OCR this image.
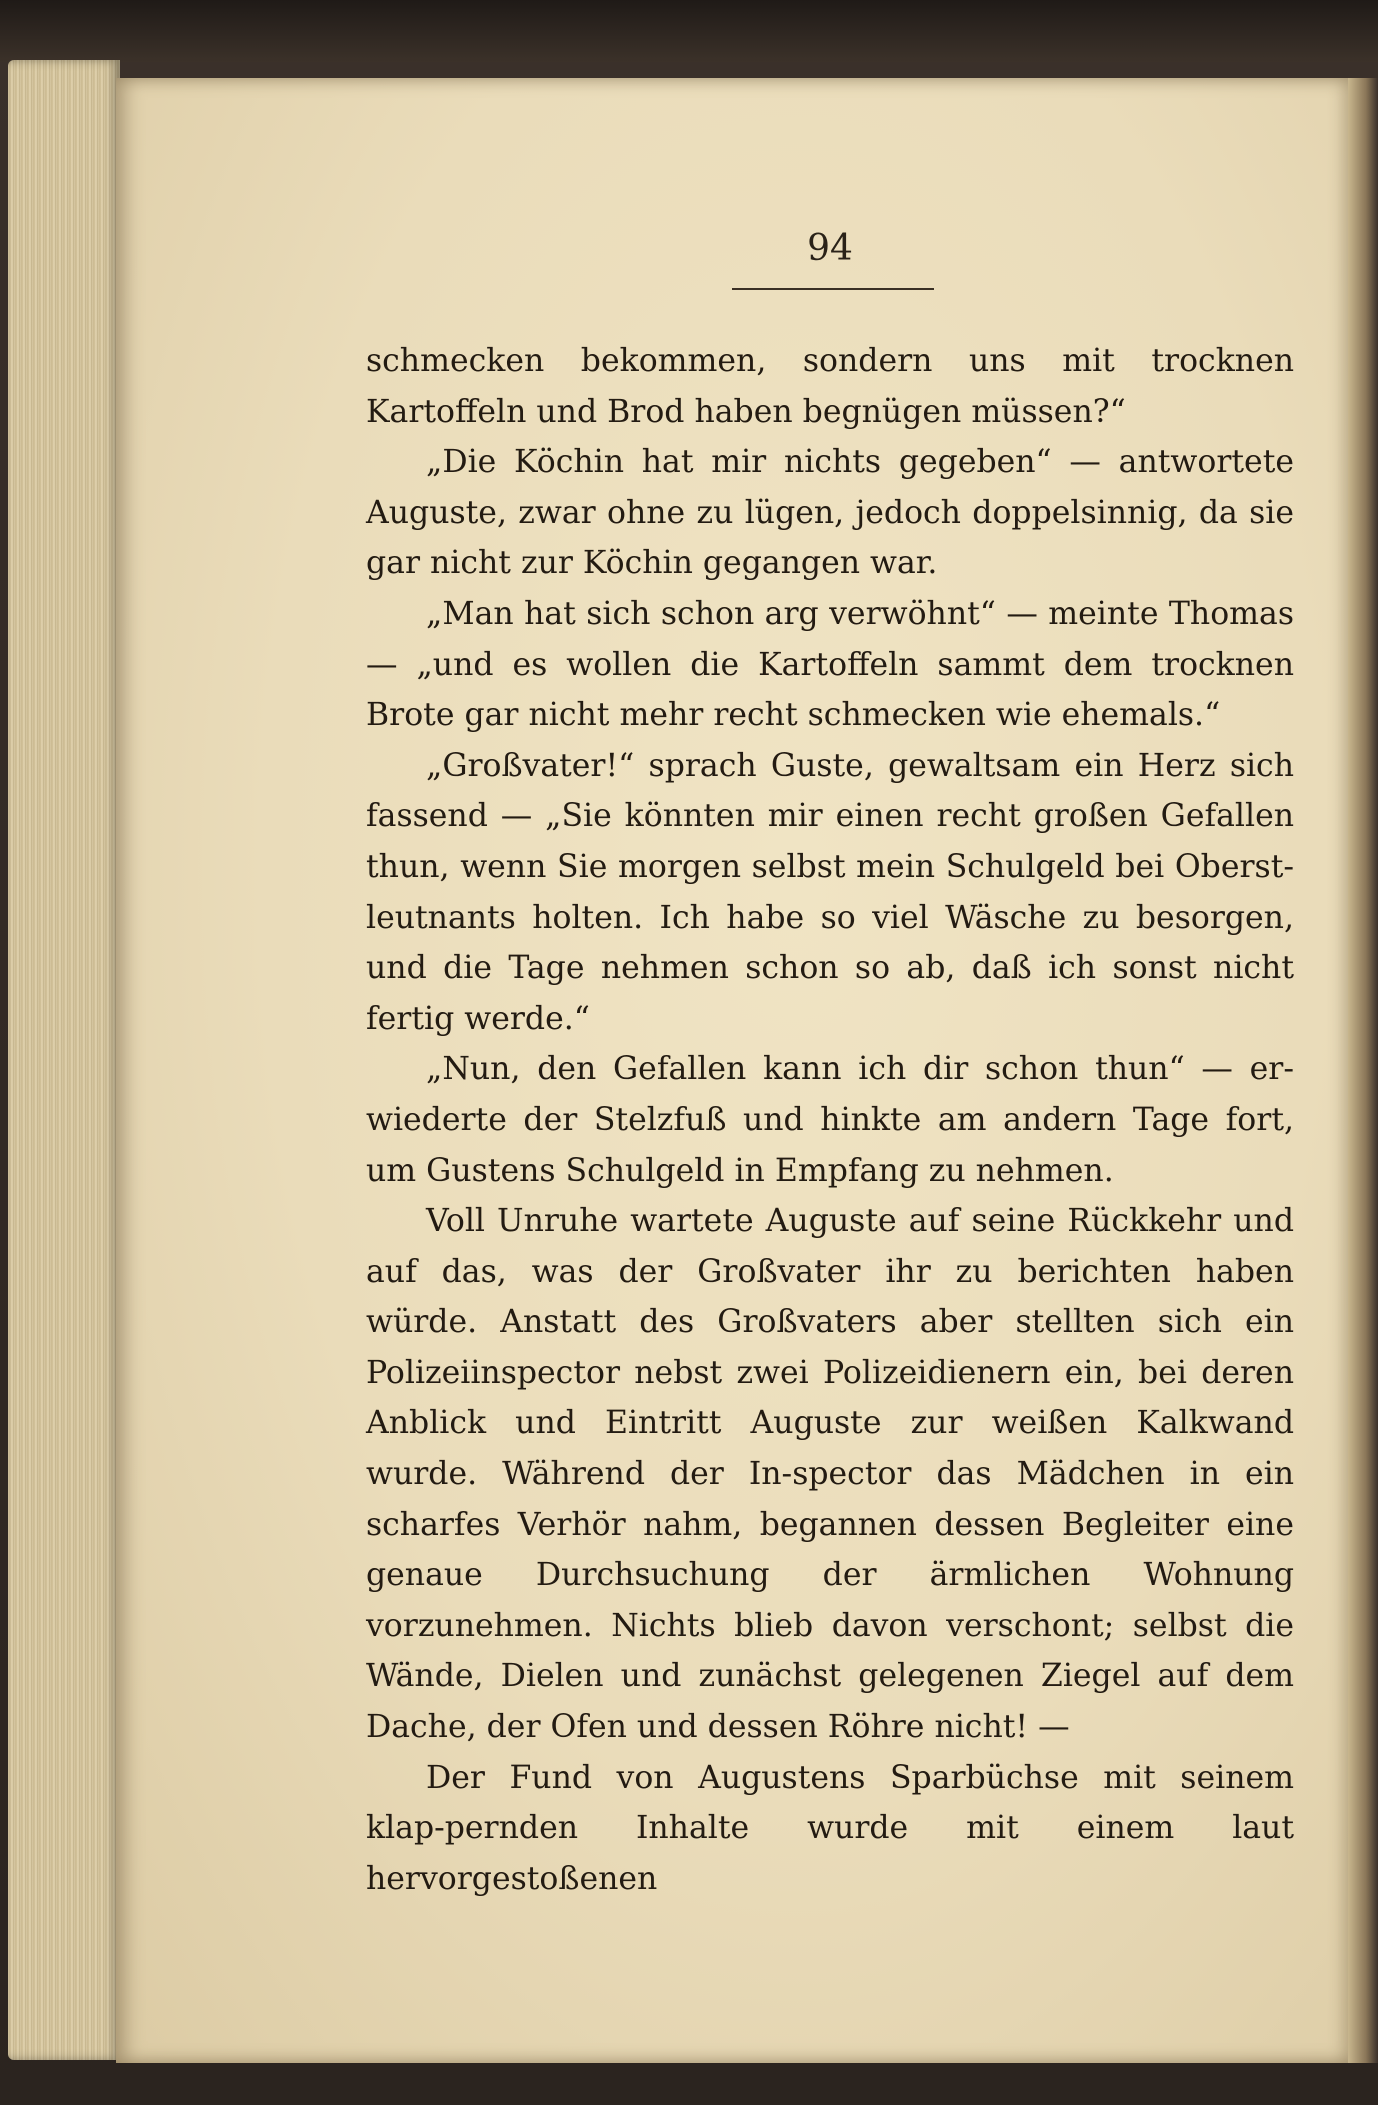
94

schmecken bekommen, sondern uns mit trocknen Kartoffeln und Brod haben begnügen müssen?“

„Die Köchin hat mir nichts gegeben“ — antwortete Auguste, zwar ohne zu lügen, jedoch doppelsinnig, da sie gar nicht zur Köchin gegangen war.

„Man hat sich schon arg verwöhnt“ — meinte Thomas — „und es wollen die Kartoffeln sammt dem trocknen Brote gar nicht mehr recht schmecken wie ehemals.“

„Großvater!“ sprach Guste, gewaltsam ein Herz sich fassend — „Sie könnten mir einen recht großen Gefallen thun, wenn Sie morgen selbst mein Schulgeld bei Oberst-leutnants holten. Ich habe so viel Wäsche zu besorgen, und die Tage nehmen schon so ab, daß ich sonst nicht fertig werde.“

„Nun, den Gefallen kann ich dir schon thun“ — er-wiederte der Stelzfuß und hinkte am andern Tage fort, um Gustens Schulgeld in Empfang zu nehmen.

Voll Unruhe wartete Auguste auf seine Rückkehr und auf das, was der Großvater ihr zu berichten haben würde. Anstatt des Großvaters aber stellten sich ein Polizeiinspector nebst zwei Polizeidienern ein, bei deren Anblick und Eintritt Auguste zur weißen Kalkwand wurde. Während der In-spector das Mädchen in ein scharfes Verhör nahm, begannen dessen Begleiter eine genaue Durchsuchung der ärmlichen Wohnung vorzunehmen. Nichts blieb davon verschont; selbst die Wände, Dielen und zunächst gelegenen Ziegel auf dem Dache, der Ofen und dessen Röhre nicht! —

Der Fund von Augustens Sparbüchse mit seinem klap-pernden Inhalte wurde mit einem laut hervorgestoßenen
